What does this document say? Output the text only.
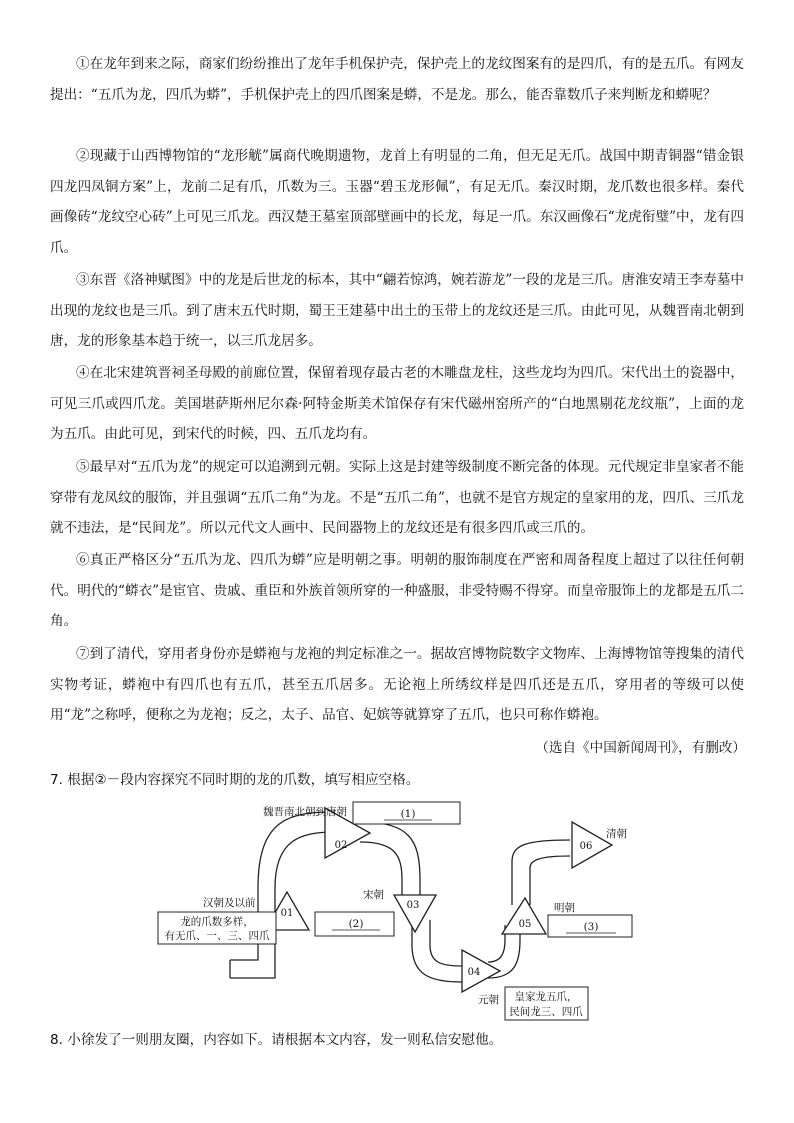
①在龙年到来之际，商家们纷纷推出了龙年手机保护壳，保护壳上的龙纹图案有的是四爪，有的是五爪。有网友提出：“五爪为龙，四爪为蟒”，手机保护壳上的四爪图案是蟒，不是龙。那么，能否靠数爪子来判断龙和蟒呢？

②现藏于山西博物馆的“龙形觥”属商代晚期遗物，龙首上有明显的二角，但无足无爪。战国中期青铜器“错金银四龙四凤铜方案”上，龙前二足有爪，爪数为三。玉器“碧玉龙形佩”，有足无爪。秦汉时期，龙爪数也很多样。秦代画像砖“龙纹空心砖”上可见三爪龙。西汉楚王墓室顶部壁画中的长龙，每足一爪。东汉画像石“龙虎衔璧”中，龙有四爪。

③东晋《洛神赋图》中的龙是后世龙的标本，其中“翩若惊鸿，婉若游龙”一段的龙是三爪。唐淮安靖王李寿墓中出现的龙纹也是三爪。到了唐末五代时期，蜀王王建墓中出土的玉带上的龙纹还是三爪。由此可见，从魏晋南北朝到唐，龙的形象基本趋于统一，以三爪龙居多。

④在北宋建筑晋祠圣母殿的前廊位置，保留着现存最古老的木雕盘龙柱，这些龙均为四爪。宋代出土的瓷器中，可见三爪或四爪龙。美国堪萨斯州尼尔森·阿特金斯美术馆保存有宋代磁州窑所产的“白地黑剔花龙纹瓶”，上面的龙为五爪。由此可见，到宋代的时候，四、五爪龙均有。

⑤最早对“五爪为龙”的规定可以追溯到元朝。实际上这是封建等级制度不断完备的体现。元代规定非皇家者不能穿带有龙凤纹的服饰，并且强调“五爪二角”为龙。不是“五爪二角”，也就不是官方规定的皇家用的龙，四爪、三爪龙就不违法，是“民间龙”。所以元代文人画中、民间器物上的龙纹还是有很多四爪或三爪的。

⑥真正严格区分“五爪为龙、四爪为蟒”应是明朝之事。明朝的服饰制度在严密和周备程度上超过了以往任何朝代。明代的“蟒衣”是宦官、贵戚、重臣和外族首领所穿的一种盛服，非受特赐不得穿。而皇帝服饰上的龙都是五爪二角。

⑦到了清代，穿用者身份亦是蟒袍与龙袍的判定标准之一。据故宫博物院数字文物库、上海博物馆等搜集的清代实物考证，蟒袍中有四爪也有五爪，甚至五爪居多。无论袍上所绣纹样是四爪还是五爪，穿用者的等级可以使用“龙”之称呼，便称之为龙袍；反之，太子、品官、妃嫔等就算穿了五爪，也只可称作蟒袍。

（选自《中国新闻周刊》，有删改）
7. 根据②－段内容探究不同时期的龙的爪数，填写相应空格。
01
02
03
04
05
06
汉朝及以前
魏晋南北朝到唐朝
宋朝
元朝
明朝
清朝
龙的爪数多样，
有无爪、一、三、四爪
(1)
(2)
皇家龙五爪，
民间龙三、四爪
(3)
8. 小徐发了一则朋友圈，内容如下。请根据本文内容，发一则私信安慰他。
